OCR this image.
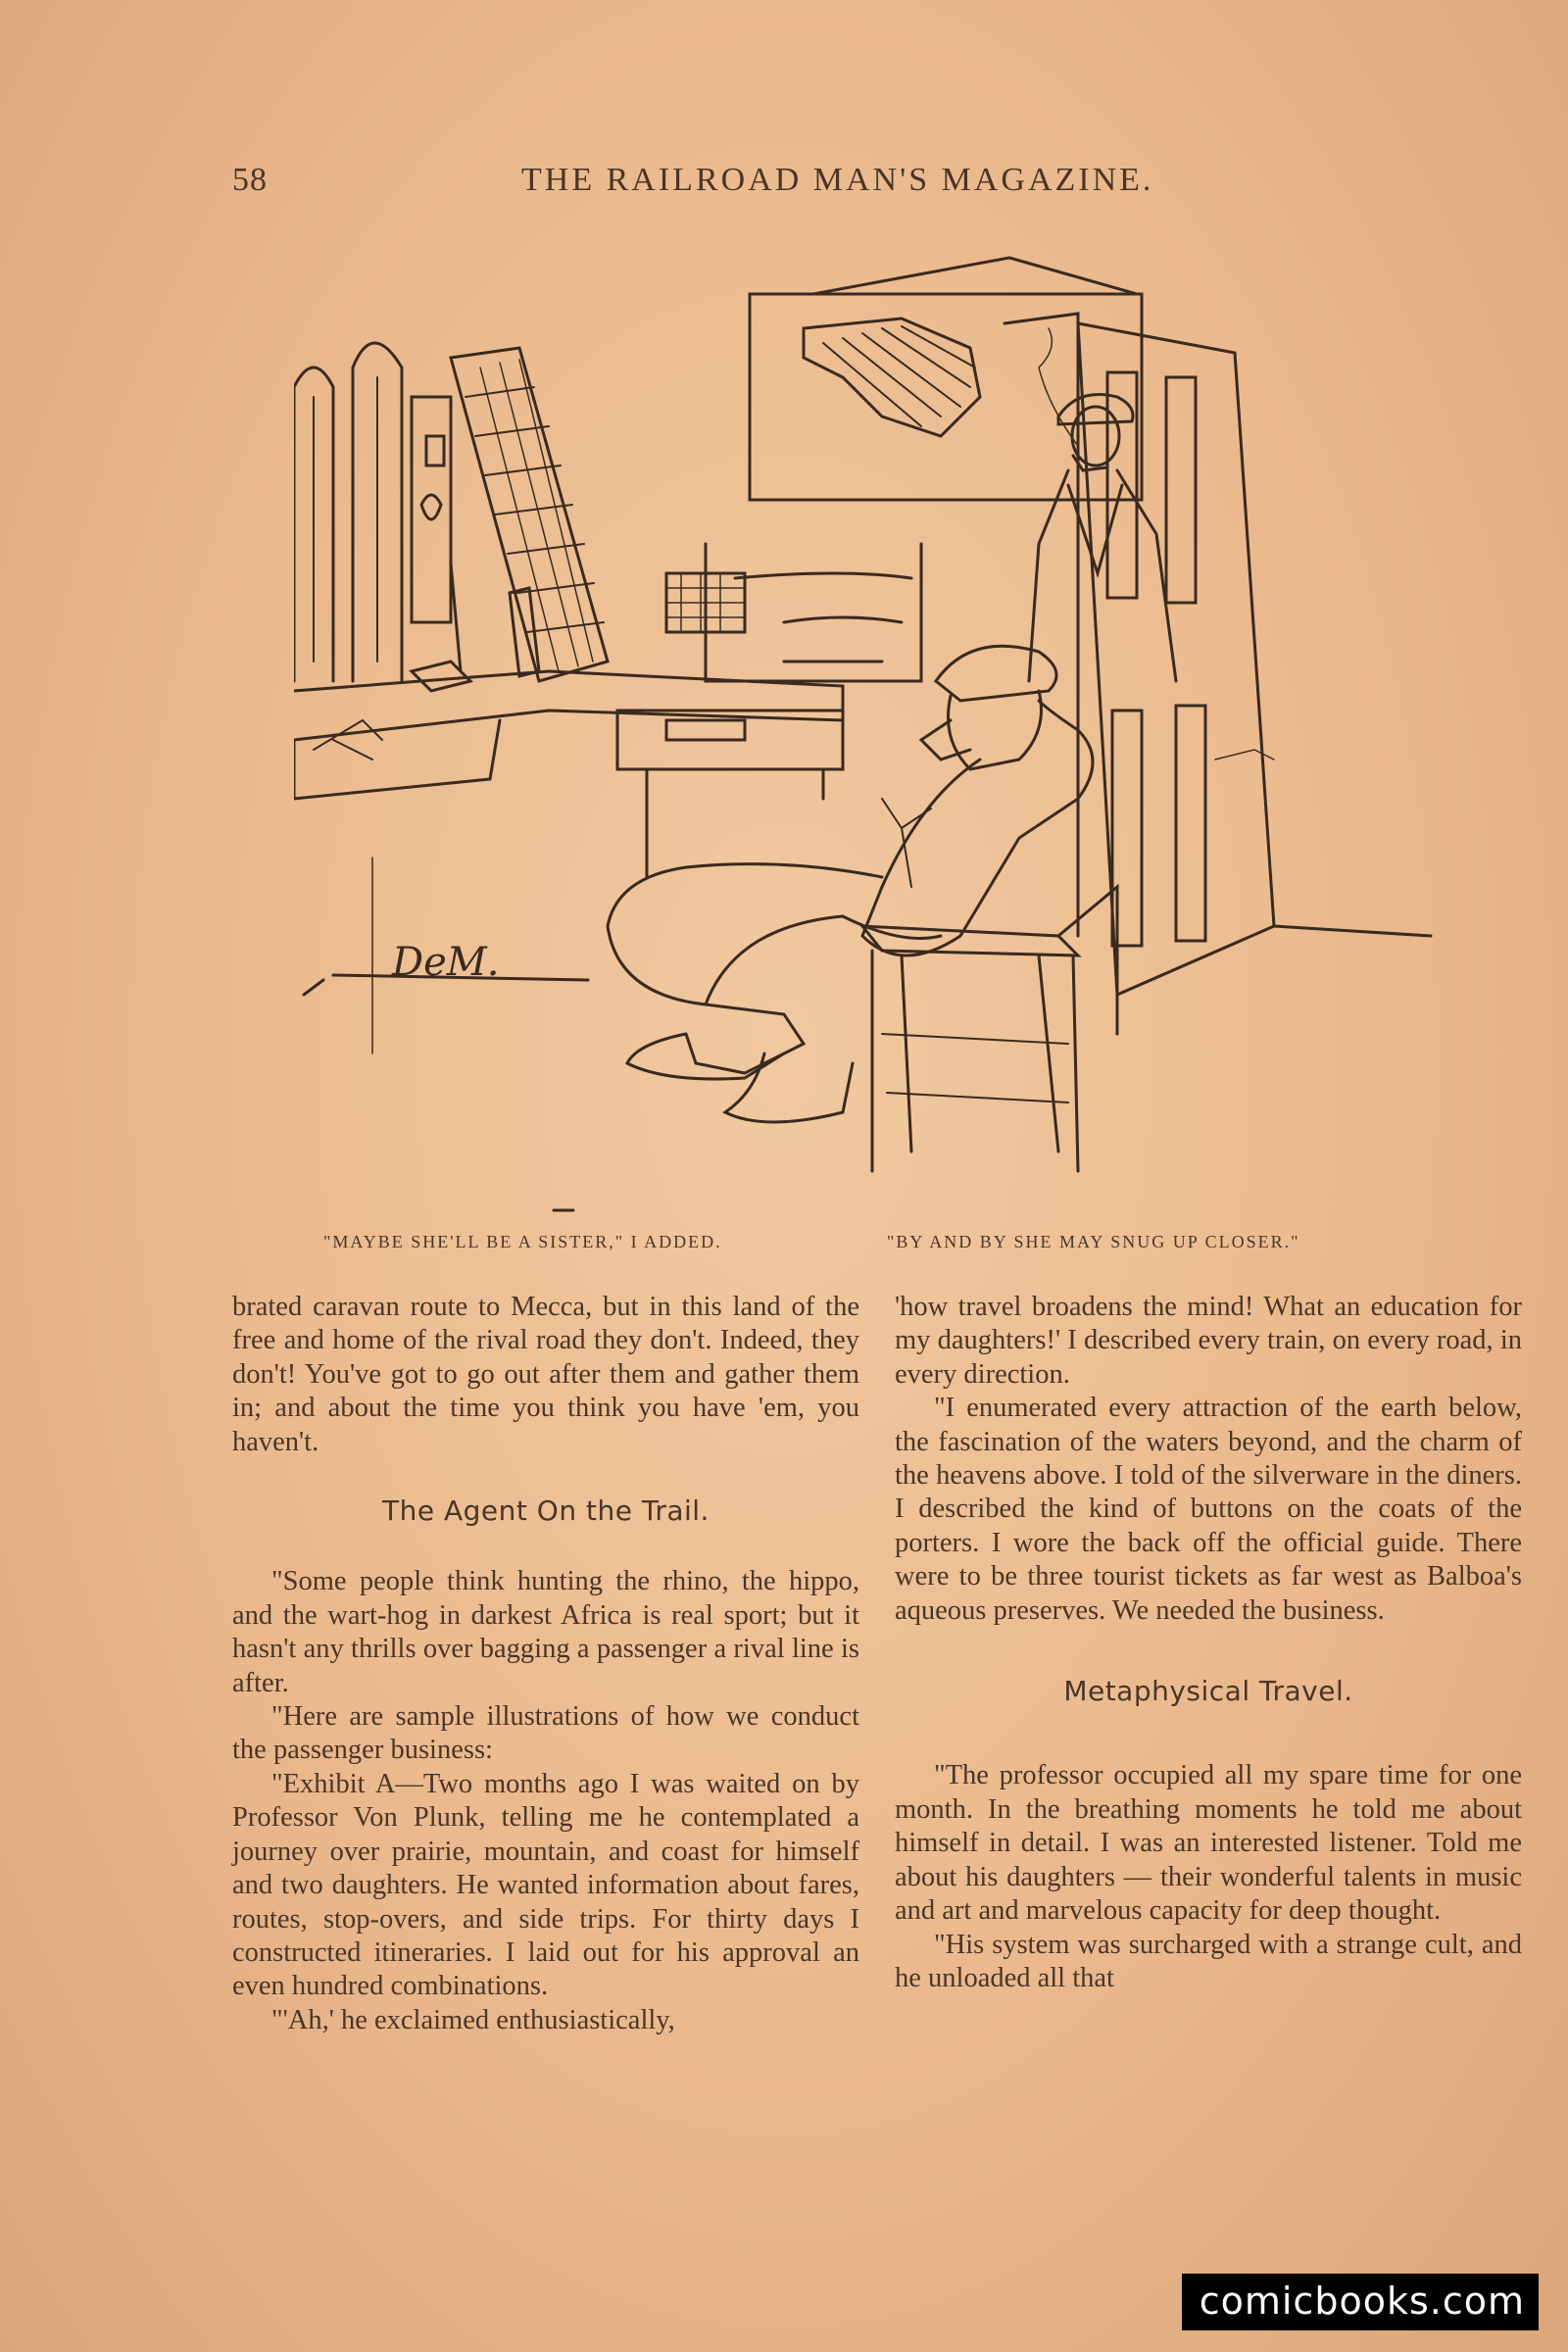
58	THE RAILROAD MAN'S MAGAZINE.
DeM.
"MAYBE SHE'LL BE A SISTER," I ADDED.	"BY AND BY SHE MAY SNUG UP CLOSER."

brated caravan route to Mecca, but in this land of the free and home of the rival road they don't. Indeed, they don't! You've got to go out after them and gather them in; and about the time you think you have 'em, you haven't.

The Agent On the Trail.

"Some people think hunting the rhino, the hippo, and the wart-hog in darkest Africa is real sport; but it hasn't any thrills over bagging a passenger a rival line is after.

"Here are sample illustrations of how we conduct the passenger business:

"Exhibit A—Two months ago I was waited on by Professor Von Plunk, telling me he contemplated a journey over prairie, mountain, and coast for himself and two daughters. He wanted information about fares, routes, stop-overs, and side trips. For thirty days I constructed itineraries. I laid out for his approval an even hundred combinations.

"'Ah,' he exclaimed enthusiastically,

'how travel broadens the mind! What an education for my daughters!' I described every train, on every road, in every direction.

"I enumerated every attraction of the earth below, the fascination of the waters beyond, and the charm of the heavens above. I told of the silverware in the diners. I described the kind of buttons on the coats of the porters. I wore the back off the official guide. There were to be three tourist tickets as far west as Balboa's aqueous preserves. We needed the business.

Metaphysical Travel.

"The professor occupied all my spare time for one month. In the breathing moments he told me about himself in detail. I was an interested listener. Told me about his daughters — their wonderful talents in music and art and marvelous capacity for deep thought.

"His system was surcharged with a strange cult, and he unloaded all that

comicbooks.com
